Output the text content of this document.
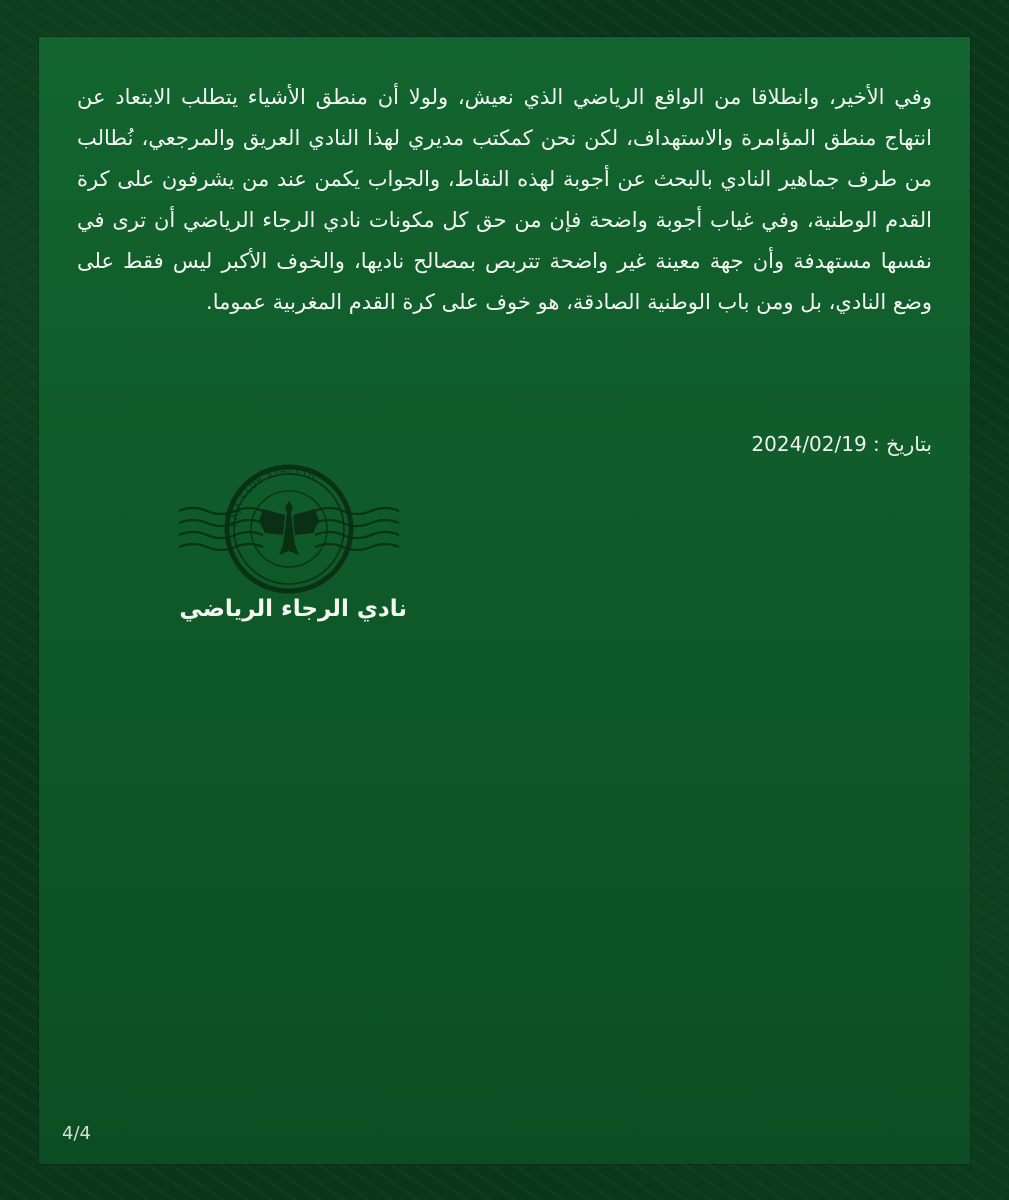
وفي الأخير، وانطلاقا من الواقع الرياضي الذي نعيش، ولولا أن منطق الأشياء يتطلب الابتعاد عن انتهاج منطق المؤامرة والاستهداف، لكن نحن كمكتب مديري لهذا النادي العريق والمرجعي، نُطالب من طرف جماهير النادي بالبحث عن أجوبة لهذه النقاط، والجواب يكمن عند من يشرفون على كرة القدم الوطنية، وفي غياب أجوبة واضحة فإن من حق كل مكونات نادي الرجاء الرياضي أن ترى في نفسها مستهدفة وأن جهة معينة غير واضحة تتربص بمصالح ناديها، والخوف الأكبر ليس فقط على وضع النادي، بل ومن باب الوطنية الصادقة، هو خوف على كرة القدم المغربية عموما.

بتاريخ : 2024/02/19

RAJA CLUB ATHLETIC

نادي الرجاء الرياضي

4/4
